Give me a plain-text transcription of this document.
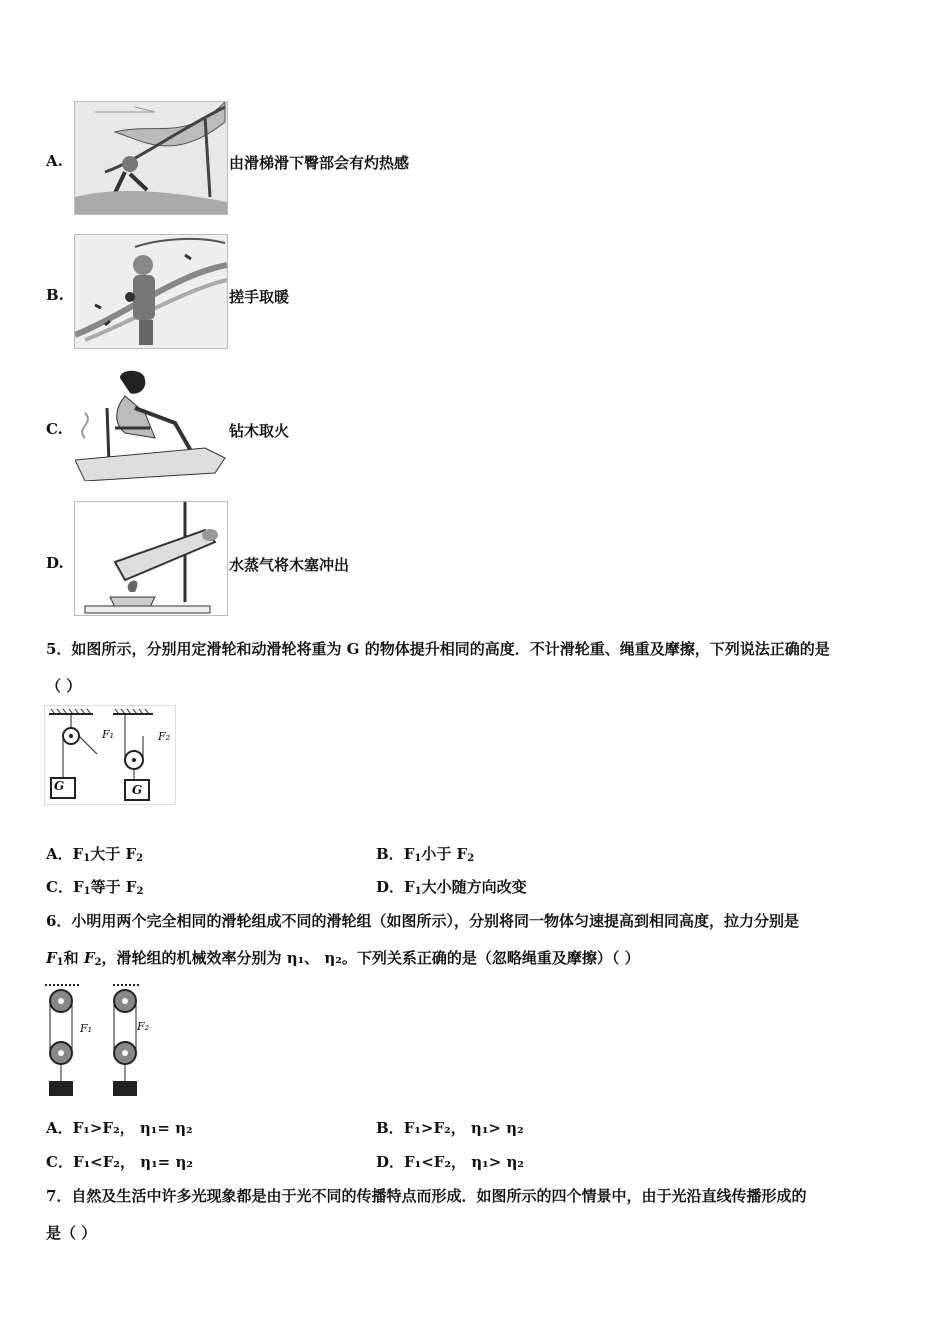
A.	由滑梯滑下臀部会有灼热感
B.	搓手取暖
C.	钻木取火
D.	水蒸气将木塞冲出
5．如图所示，分别用定滑轮和动滑轮将重为 G 的物体提升相同的高度．不计滑轮重、绳重及摩擦，下列说法正确的是
（ ）
F₁	F₂
G	G
A．$F_1$大于 $F_2$	B．$F_1$小于 $F_2$
C．$F_1$等于 $F_2$	D．$F_1$大小随方向改变
6．小明用两个完全相同的滑轮组成不同的滑轮组（如图所示），分别将同一物体匀速提高到相同高度，拉力分别是
$F_1$和 $F_2$，滑轮组的机械效率分别为 η₁、 η₂。下列关系正确的是（忽略绳重及摩擦）（ ）
F₁	F₂
A．F₁>F₂， η₁= η₂	B．F₁>F₂， η₁> η₂
C．F₁<F₂， η₁= η₂	D．F₁<F₂， η₁> η₂
7．自然及生活中许多光现象都是由于光不同的传播特点而形成．如图所示的四个情景中，由于光沿直线传播形成的
是（ ）
